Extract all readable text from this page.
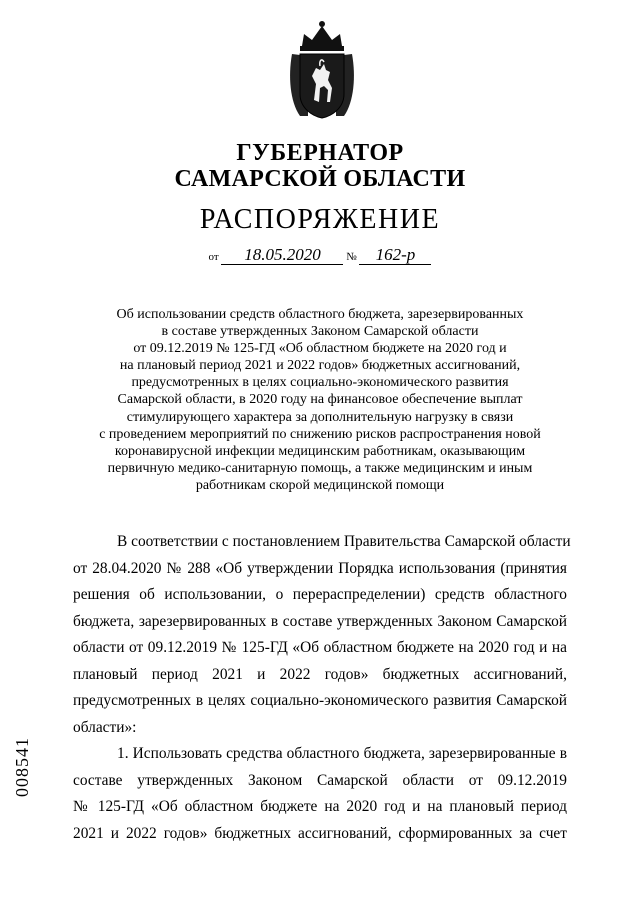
ГУБЕРНАТОР
САМАРСКОЙ ОБЛАСТИ
РАСПОРЯЖЕНИЕ
от 18.05.2020 № 162-р
Об использовании средств областного бюджета, зарезервированных
в составе утвержденных Законом Самарской области
от 09.12.2019 № 125-ГД «Об областном бюджете на 2020 год и
на плановый период 2021 и 2022 годов» бюджетных ассигнований,
предусмотренных в целях социально-экономического развития
Самарской области, в 2020 году на финансовое обеспечение выплат
стимулирующего характера за дополнительную нагрузку в связи
с проведением мероприятий по снижению рисков распространения новой
коронавирусной инфекции медицинским работникам, оказывающим
первичную медико-санитарную помощь, а также медицинским и иным
работникам скорой медицинской помощи
В соответствии с постановлением Правительства Самарской области
от 28.04.2020 № 288 «Об утверждении Порядка использования (принятия
решения об использовании, о перераспределении) средств областного
бюджета, зарезервированных в составе утвержденных Законом Самарской
области от 09.12.2019 № 125-ГД «Об областном бюджете на 2020 год и на
плановый период 2021 и 2022 годов» бюджетных ассигнований,
предусмотренных в целях социально-экономического развития Самарской
области»:
1. Использовать средства областного бюджета, зарезервированные в
составе утвержденных Законом Самарской области от 09.12.2019
№ 125-ГД «Об областном бюджете на 2020 год и на плановый период
2021 и 2022 годов» бюджетных ассигнований, сформированных за счет
008541
